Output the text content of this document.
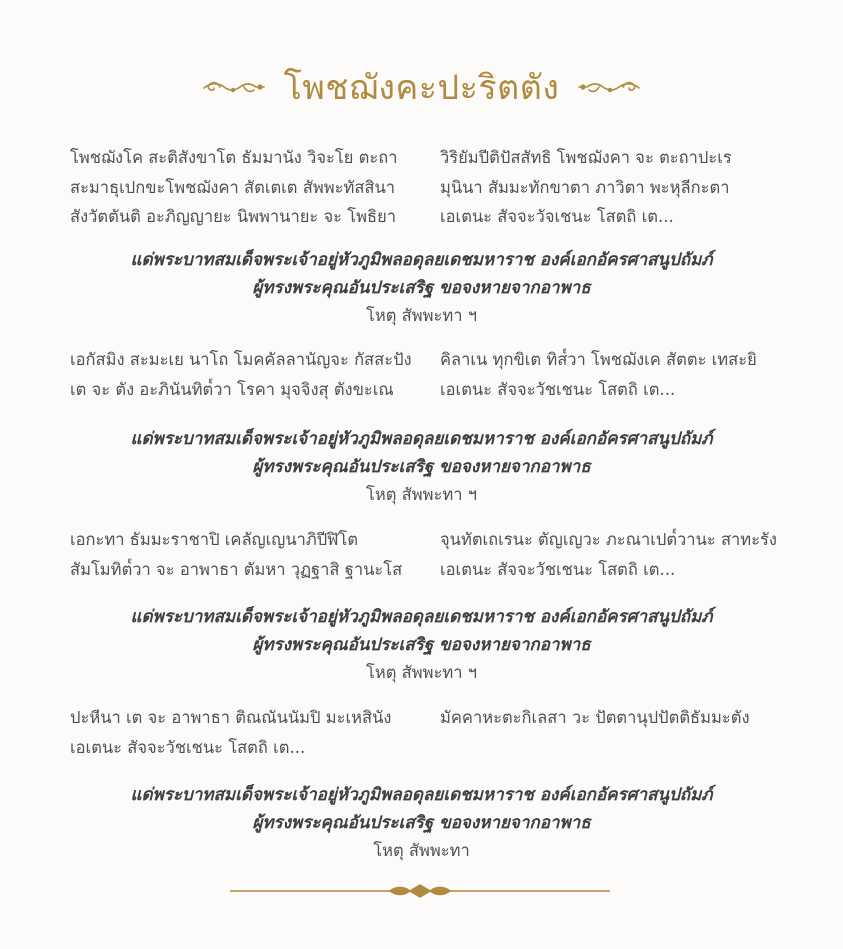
โพชฌังคะปะริตตัง
โพชฌังโค สะติสังขาโต ธัมมานัง วิจะโย ตะถา
สะมาธุเปกขะโพชฌังคา สัตเตเต สัพพะทัสสินา
สังวัตตันติ อะภิญญายะ นิพพานายะ จะ โพธิยา
วิริยัมปีติปัสสัทธิ โพชฌังคา จะ ตะถาปะเร
มุนินา สัมมะทักขาตา ภาวิตา พะหุลีกะตา
เอเตนะ สัจจะวัจเชนะ โสตถิ เต...
แด่พระบาทสมเด็จพระเจ้าอยู่หัวภูมิพลอดุลยเดชมหาราช องค์เอกอัครศาสนูปถัมภ์
ผู้ทรงพระคุณอันประเสริฐ ขอจงหายจากอาพาธ
โหตุ สัพพะทา ฯ
เอกัสมิง สะมะเย นาโถ โมคคัลลานัญจะ กัสสะปัง
เต จะ ตัง อะภินันทิต๎วา โรคา มุจจิงสุ ตังขะเณ
คิลาเน ทุกขิเต ทิส๎วา โพชฌังเค สัตตะ เทสะยิ
เอเตนะ สัจจะวัชเชนะ โสตถิ เต...
แด่พระบาทสมเด็จพระเจ้าอยู่หัวภูมิพลอดุลยเดชมหาราช องค์เอกอัครศาสนูปถัมภ์
ผู้ทรงพระคุณอันประเสริฐ ขอจงหายจากอาพาธ
โหตุ สัพพะทา ฯ
เอกะทา ธัมมะราชาปิ เคลัญเญนาภิปีฬิโต
สัมโมทิต๎วา จะ อาพาธา ตัมหา วุฏฐาสิ ฐานะโส
จุนทัตเถเรนะ ตัญเญวะ ภะณาเปต๎วานะ สาทะรัง
เอเตนะ สัจจะวัชเชนะ โสตถิ เต...
แด่พระบาทสมเด็จพระเจ้าอยู่หัวภูมิพลอดุลยเดชมหาราช องค์เอกอัครศาสนูปถัมภ์
ผู้ทรงพระคุณอันประเสริฐ ขอจงหายจากอาพาธ
โหตุ สัพพะทา ฯ
ปะหีนา เต จะ อาพาธา ติณณันนัมปิ มะเหสินัง
เอเตนะ สัจจะวัชเชนะ โสตถิ เต...
มัคคาหะตะกิเลสา วะ ปัตตานุปปัตติธัมมะตัง
แด่พระบาทสมเด็จพระเจ้าอยู่หัวภูมิพลอดุลยเดชมหาราช องค์เอกอัครศาสนูปถัมภ์
ผู้ทรงพระคุณอันประเสริฐ ขอจงหายจากอาพาธ
โหตุ สัพพะทา
